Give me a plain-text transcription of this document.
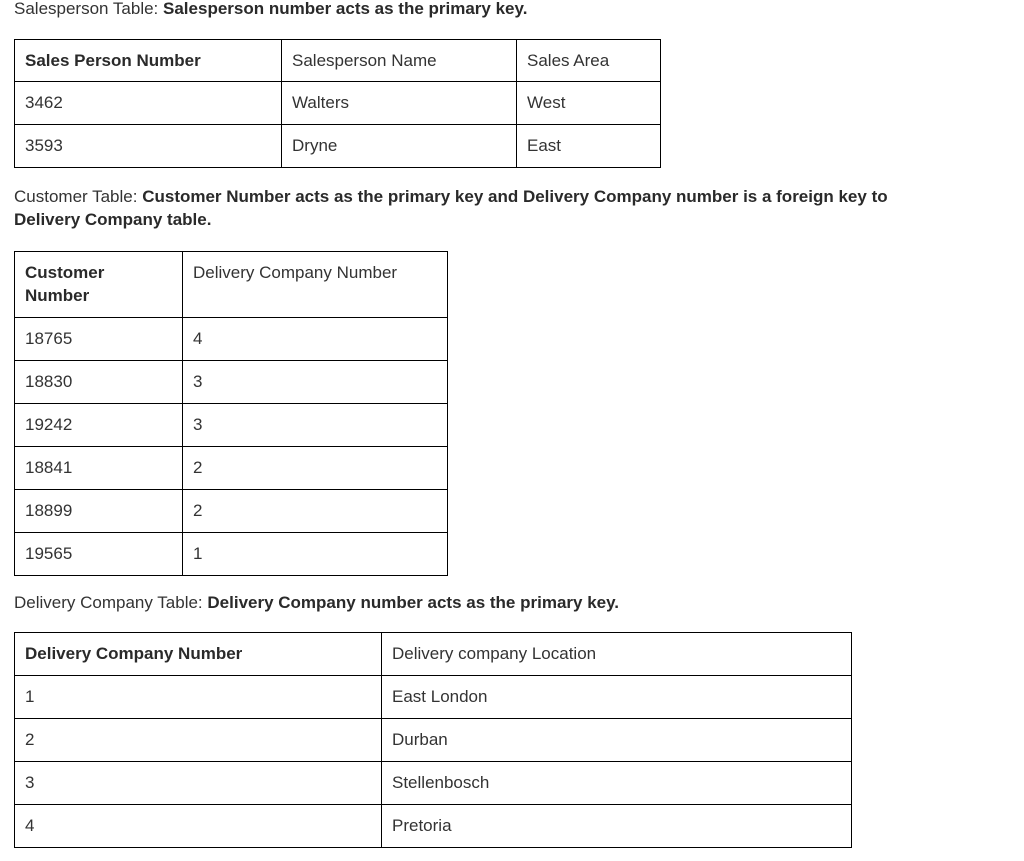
Salesperson Table: Salesperson number acts as the primary key.

Sales Person Number	Salesperson Name	Sales Area
3462	Walters	West
3593	Dryne	East

Customer Table: Customer Number acts as the primary key and Delivery Company number is a foreign key to Delivery Company table.

Customer Number	Delivery Company Number
18765	4
18830	3
19242	3
18841	2
18899	2
19565	1

Delivery Company Table: Delivery Company number acts as the primary key.

Delivery Company Number	Delivery company Location
1	East London
2	Durban
3	Stellenbosch
4	Pretoria
